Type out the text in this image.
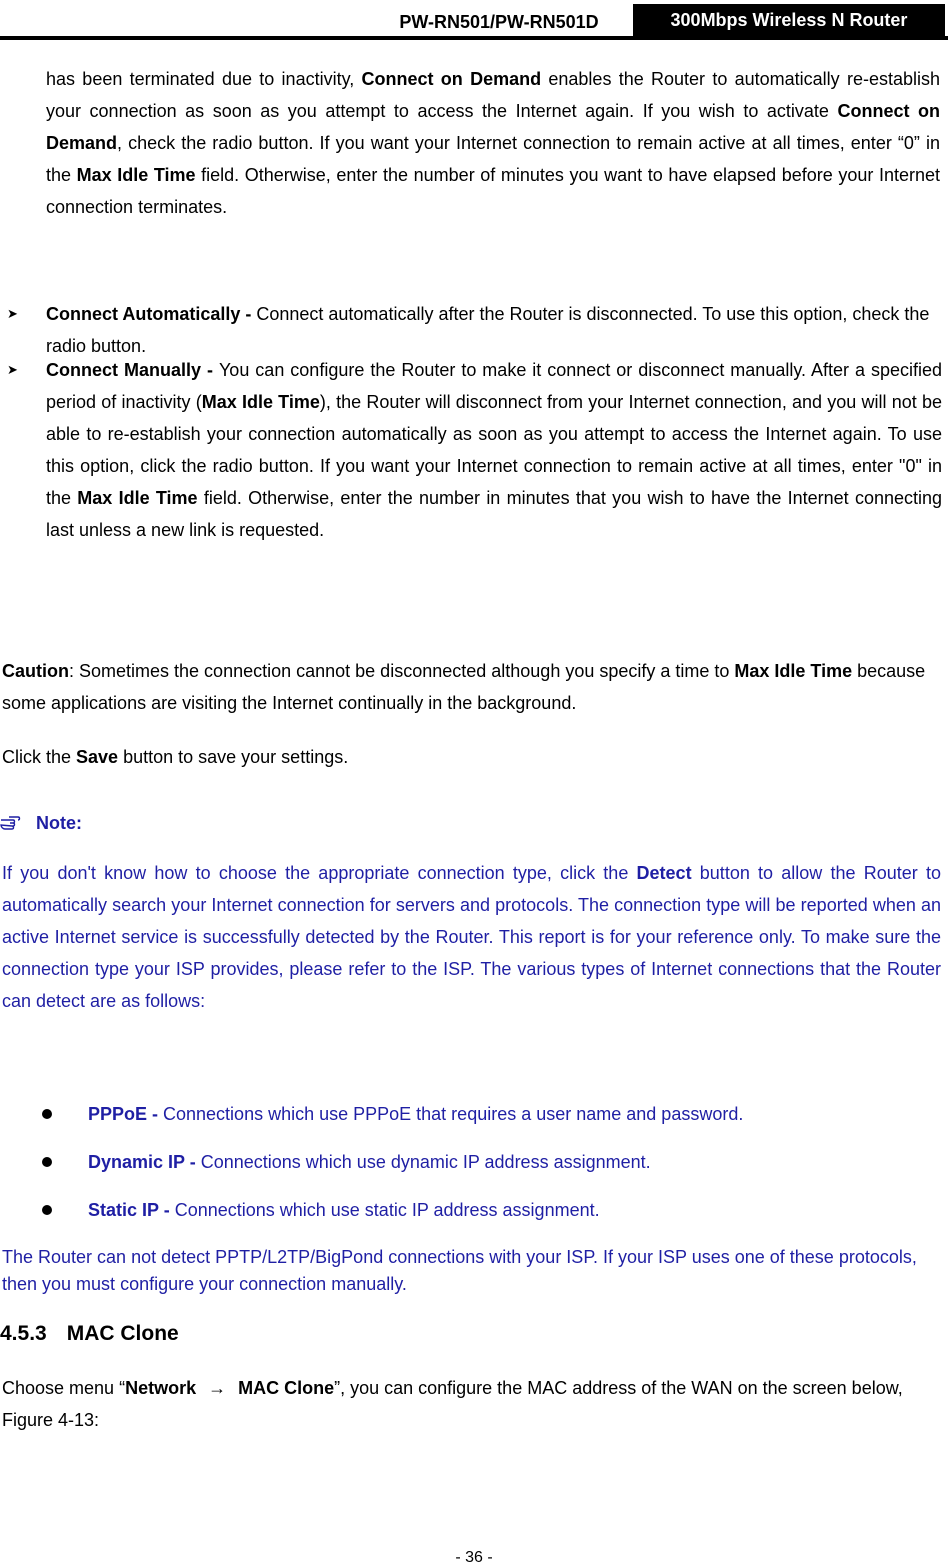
PW-RN501/PW-RN501D	300Mbps Wireless N Router

has been terminated due to inactivity, Connect on Demand enables the Router to automatically re-establish your connection as soon as you attempt to access the Internet again. If you wish to activate Connect on Demand, check the radio button. If you want your Internet connection to remain active at all times, enter “0” in the Max Idle Time field. Otherwise, enter the number of minutes you want to have elapsed before your Internet connection terminates.

➤ Connect Automatically - Connect automatically after the Router is disconnected. To use this option, check the radio button.

➤ Connect Manually - You can configure the Router to make it connect or disconnect manually. After a specified period of inactivity (Max Idle Time), the Router will disconnect from your Internet connection, and you will not be able to re-establish your connection automatically as soon as you attempt to access the Internet again. To use this option, click the radio button. If you want your Internet connection to remain active at all times, enter "0" in the Max Idle Time field. Otherwise, enter the number in minutes that you wish to have the Internet connecting last unless a new link is requested.

Caution: Sometimes the connection cannot be disconnected although you specify a time to Max Idle Time because some applications are visiting the Internet continually in the background.

Click the Save button to save your settings.

Note:

If you don't know how to choose the appropriate connection type, click the Detect button to allow the Router to automatically search your Internet connection for servers and protocols. The connection type will be reported when an active Internet service is successfully detected by the Router. This report is for your reference only. To make sure the connection type your ISP provides, please refer to the ISP. The various types of Internet connections that the Router can detect are as follows:

PPPoE - Connections which use PPPoE that requires a user name and password.

Dynamic IP - Connections which use dynamic IP address assignment.

Static IP - Connections which use static IP address assignment.

The Router can not detect PPTP/L2TP/BigPond connections with your ISP. If your ISP uses one of these protocols, then you must configure your connection manually.

4.5.3 MAC Clone

Choose menu “Network → MAC Clone”, you can configure the MAC address of the WAN on the screen below, Figure 4-13:

- 36 -
